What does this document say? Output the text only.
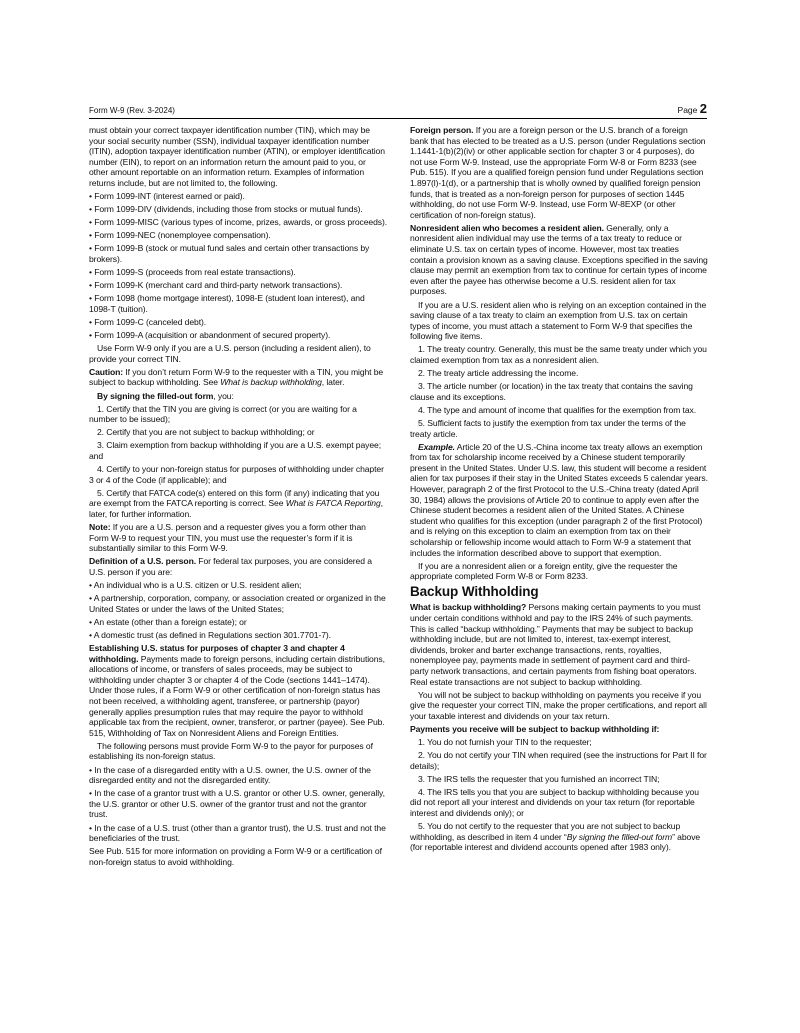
Form W-9 (Rev. 3-2024)	Page 2

must obtain your correct taxpayer identification number (TIN), which may be your social security number (SSN), individual taxpayer identification number (ITIN), adoption taxpayer identification number (ATIN), or employer identification number (EIN), to report on an information return the amount paid to you, or other amount reportable on an information return. Examples of information returns include, but are not limited to, the following.

• Form 1099-INT (interest earned or paid).

• Form 1099-DIV (dividends, including those from stocks or mutual funds).

• Form 1099-MISC (various types of income, prizes, awards, or gross proceeds).

• Form 1099-NEC (nonemployee compensation).

• Form 1099-B (stock or mutual fund sales and certain other transactions by brokers).

• Form 1099-S (proceeds from real estate transactions).

• Form 1099-K (merchant card and third-party network transactions).

• Form 1098 (home mortgage interest), 1098-E (student loan interest), and 1098-T (tuition).

• Form 1099-C (canceled debt).

• Form 1099-A (acquisition or abandonment of secured property).

Use Form W-9 only if you are a U.S. person (including a resident alien), to provide your correct TIN.

Caution: If you don’t return Form W-9 to the requester with a TIN, you might be subject to backup withholding. See What is backup withholding, later.

By signing the filled-out form, you:

1. Certify that the TIN you are giving is correct (or you are waiting for a number to be issued);

2. Certify that you are not subject to backup withholding; or

3. Claim exemption from backup withholding if you are a U.S. exempt payee; and

4. Certify to your non-foreign status for purposes of withholding under chapter 3 or 4 of the Code (if applicable); and

5. Certify that FATCA code(s) entered on this form (if any) indicating that you are exempt from the FATCA reporting is correct. See What is FATCA Reporting, later, for further information.

Note: If you are a U.S. person and a requester gives you a form other than Form W-9 to request your TIN, you must use the requester’s form if it is substantially similar to this Form W-9.

Definition of a U.S. person. For federal tax purposes, you are considered a U.S. person if you are:

• An individual who is a U.S. citizen or U.S. resident alien;

• A partnership, corporation, company, or association created or organized in the United States or under the laws of the United States;

• An estate (other than a foreign estate); or

• A domestic trust (as defined in Regulations section 301.7701-7).

Establishing U.S. status for purposes of chapter 3 and chapter 4 withholding. Payments made to foreign persons, including certain distributions, allocations of income, or transfers of sales proceeds, may be subject to withholding under chapter 3 or chapter 4 of the Code (sections 1441–1474). Under those rules, if a Form W-9 or other certification of non-foreign status has not been received, a withholding agent, transferee, or partnership (payor) generally applies presumption rules that may require the payor to withhold applicable tax from the recipient, owner, transferor, or partner (payee). See Pub. 515, Withholding of Tax on Nonresident Aliens and Foreign Entities.

The following persons must provide Form W-9 to the payor for purposes of establishing its non-foreign status.

• In the case of a disregarded entity with a U.S. owner, the U.S. owner of the disregarded entity and not the disregarded entity.

• In the case of a grantor trust with a U.S. grantor or other U.S. owner, generally, the U.S. grantor or other U.S. owner of the grantor trust and not the grantor trust.

• In the case of a U.S. trust (other than a grantor trust), the U.S. trust and not the beneficiaries of the trust.

See Pub. 515 for more information on providing a Form W-9 or a certification of non-foreign status to avoid withholding.

Foreign person. If you are a foreign person or the U.S. branch of a foreign bank that has elected to be treated as a U.S. person (under Regulations section 1.1441-1(b)(2)(iv) or other applicable section for chapter 3 or 4 purposes), do not use Form W-9. Instead, use the appropriate Form W-8 or Form 8233 (see Pub. 515). If you are a qualified foreign pension fund under Regulations section 1.897(l)-1(d), or a partnership that is wholly owned by qualified foreign pension funds, that is treated as a non-foreign person for purposes of section 1445 withholding, do not use Form W-9. Instead, use Form W-8EXP (or other certification of non-foreign status).

Nonresident alien who becomes a resident alien. Generally, only a nonresident alien individual may use the terms of a tax treaty to reduce or eliminate U.S. tax on certain types of income. However, most tax treaties contain a provision known as a saving clause. Exceptions specified in the saving clause may permit an exemption from tax to continue for certain types of income even after the payee has otherwise become a U.S. resident alien for tax purposes.

If you are a U.S. resident alien who is relying on an exception contained in the saving clause of a tax treaty to claim an exemption from U.S. tax on certain types of income, you must attach a statement to Form W-9 that specifies the following five items.

1. The treaty country. Generally, this must be the same treaty under which you claimed exemption from tax as a nonresident alien.

2. The treaty article addressing the income.

3. The article number (or location) in the tax treaty that contains the saving clause and its exceptions.

4. The type and amount of income that qualifies for the exemption from tax.

5. Sufficient facts to justify the exemption from tax under the terms of the treaty article.

Example. Article 20 of the U.S.-China income tax treaty allows an exemption from tax for scholarship income received by a Chinese student temporarily present in the United States. Under U.S. law, this student will become a resident alien for tax purposes if their stay in the United States exceeds 5 calendar years. However, paragraph 2 of the first Protocol to the U.S.-China treaty (dated April 30, 1984) allows the provisions of Article 20 to continue to apply even after the Chinese student becomes a resident alien of the United States. A Chinese student who qualifies for this exception (under paragraph 2 of the first Protocol) and is relying on this exception to claim an exemption from tax on their scholarship or fellowship income would attach to Form W-9 a statement that includes the information described above to support that exemption.

If you are a nonresident alien or a foreign entity, give the requester the appropriate completed Form W-8 or Form 8233.

Backup Withholding

What is backup withholding? Persons making certain payments to you must under certain conditions withhold and pay to the IRS 24% of such payments. This is called “backup withholding.” Payments that may be subject to backup withholding include, but are not limited to, interest, tax-exempt interest, dividends, broker and barter exchange transactions, rents, royalties, nonemployee pay, payments made in settlement of payment card and third-party network transactions, and certain payments from fishing boat operators. Real estate transactions are not subject to backup withholding.

You will not be subject to backup withholding on payments you receive if you give the requester your correct TIN, make the proper certifications, and report all your taxable interest and dividends on your tax return.

Payments you receive will be subject to backup withholding if:

1. You do not furnish your TIN to the requester;

2. You do not certify your TIN when required (see the instructions for Part II for details);

3. The IRS tells the requester that you furnished an incorrect TIN;

4. The IRS tells you that you are subject to backup withholding because you did not report all your interest and dividends on your tax return (for reportable interest and dividends only); or

5. You do not certify to the requester that you are not subject to backup withholding, as described in item 4 under “By signing the filled-out form” above (for reportable interest and dividend accounts opened after 1983 only).
